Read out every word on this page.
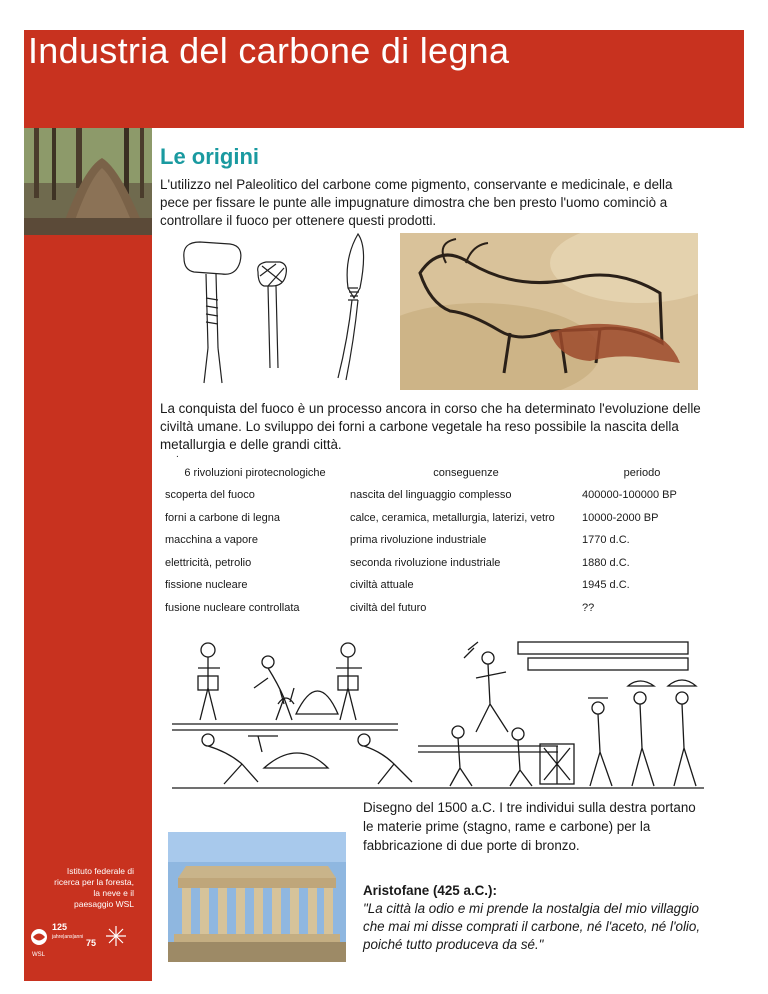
Industria del carbone di legna
Le origini
L'utilizzo nel Paleolitico del carbone come pigmento, conservante e medicinale, e della pece per fissare le punte alle impugnature dimostra che ben presto l'uomo cominciò a controllare il fuoco per ottenere questi prodotti.
La conquista del fuoco è un processo ancora in corso che ha determinato l'evoluzione delle civiltà umane. Lo sviluppo dei forni a carbone vegetale ha reso possibile la nascita della metallurgia e delle grandi città.
.
6 rivoluzioni pirotecnologiche	conseguenze	periodo
scoperta del fuoco	nascita del linguaggio complesso	400000-100000 BP
forni a carbone di legna	calce, ceramica, metallurgia, laterizi, vetro	10000-2000 BP
macchina a vapore	prima rivoluzione industriale	1770 d.C.
elettricità, petrolio	seconda rivoluzione industriale	1880 d.C.
fissione nucleare	civiltà attuale	1945 d.C.
fusione nucleare controllata	civiltà del futuro	??
Disegno del 1500 a.C. I tre individui sulla destra portano le materie prime (stagno, rame e carbone) per la fabbricazione di due porte di bronzo.
Aristofane (425 a.C.):
"La città la odio e mi prende la nostalgia del mio villaggio che mai mi disse comprati il carbone, né l'aceto, né l'olio, poiché tutto produceva da sé."
Istituto federale di
ricerca per la foresta,
la neve e il
paesaggio WSL
WSL
125
jahre|ans|anni
75
